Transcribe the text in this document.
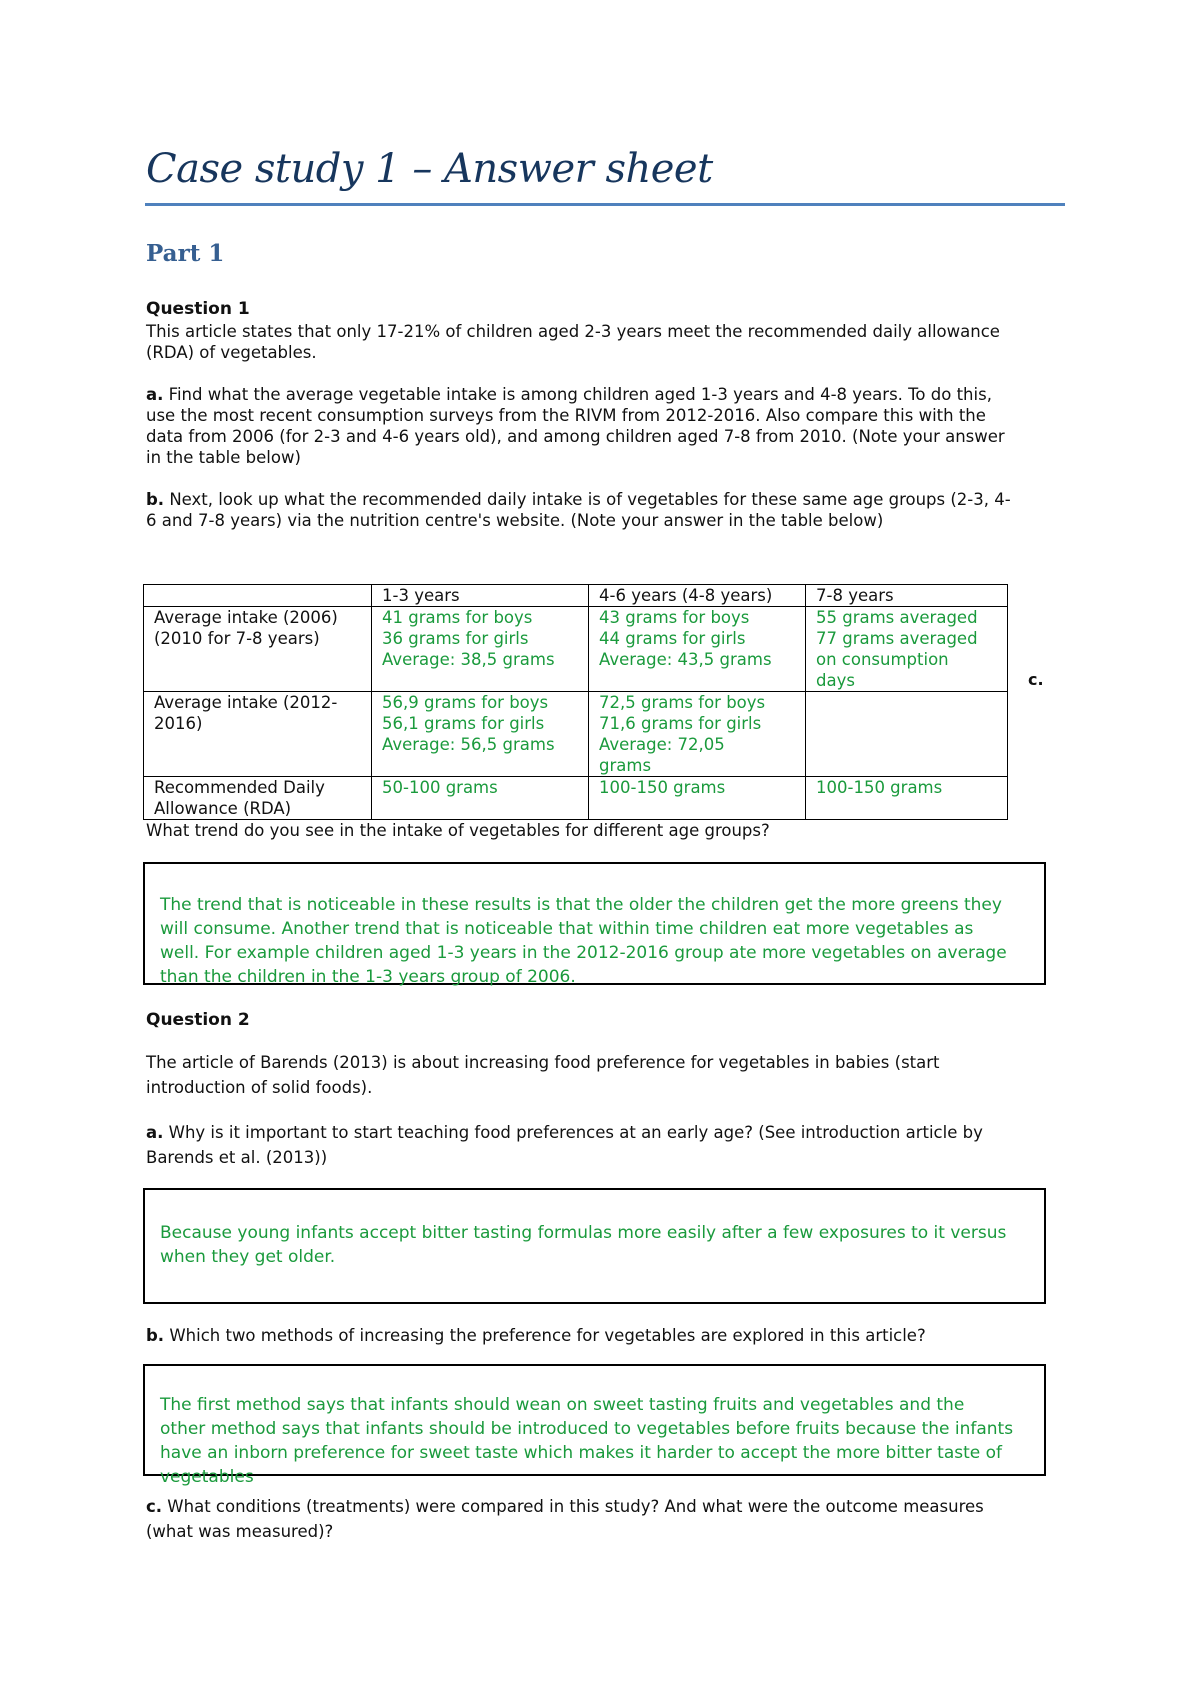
Case study 1 – Answer sheet
Part 1

Question 1

This article states that only 17-21% of children aged 2-3 years meet the recommended daily allowance

(RDA) of vegetables.

a. Find what the average vegetable intake is among children aged 1-3 years and 4-8 years. To do this,

use the most recent consumption surveys from the RIVM from 2012-2016. Also compare this with the

data from 2006 (for 2-3 and 4-6 years old), and among children aged 7-8 from 2010. (Note your answer

in the table below)

b. Next, look up what the recommended daily intake is of vegetables for these same age groups (2-3, 4-

6 and 7-8 years) via the nutrition centre's website. (Note your answer in the table below)

	1-3 years	4-6 years (4-8 years)	7-8 years

Average intake (2006)
(2010 for 7-8 years)	41 grams for boys
36 grams for girls
Average: 38,5 grams	43 grams for boys
44 grams for girls
Average: 43,5 grams	55 grams averaged
77 grams averaged
on consumption
days

Average intake (2012-
2016)	56,9 grams for boys
56,1 grams for girls
Average: 56,5 grams	72,5 grams for boys
71,6 grams for girls
Average: 72,05
grams	

Recommended Daily
Allowance (RDA)	50-100 grams	100-150 grams	100-150 grams
c.

What trend do you see in the intake of vegetables for different age groups?

The trend that is noticeable in these results is that the older the children get the more greens they

will consume. Another trend that is noticeable that within time children eat more vegetables as

well. For example children aged 1-3 years in the 2012-2016 group ate more vegetables on average

than the children in the 1-3 years group of 2006.

Question 2

The article of Barends (2013) is about increasing food preference for vegetables in babies (start

introduction of solid foods).

a. Why is it important to start teaching food preferences at an early age? (See introduction article by

Barends et al. (2013))

Because young infants accept bitter tasting formulas more easily after a few exposures to it versus

when they get older.

b. Which two methods of increasing the preference for vegetables are explored in this article?

The first method says that infants should wean on sweet tasting fruits and vegetables and the

other method says that infants should be introduced to vegetables before fruits because the infants

have an inborn preference for sweet taste which makes it harder to accept the more bitter taste of

vegetables

c. What conditions (treatments) were compared in this study? And what were the outcome measures

(what was measured)?
